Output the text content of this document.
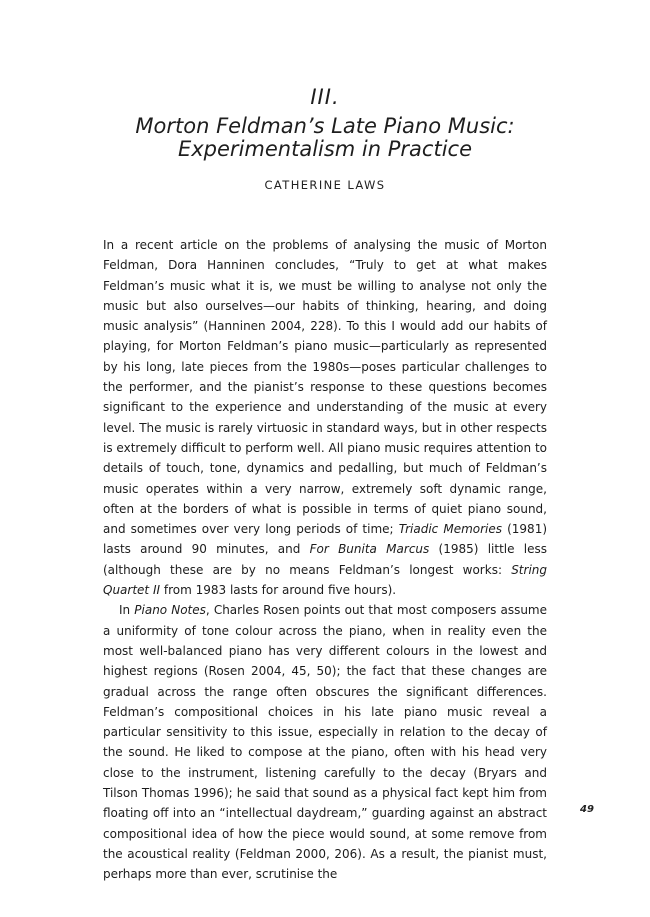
III.
Morton Feldman’s Late Piano Music:
Experimentalism in Practice
CATHERINE LAWS

In a recent article on the problems of analysing the music of Morton Feldman, Dora Hanninen concludes, “Truly to get at what makes Feldman’s music what it is, we must be willing to analyse not only the music but also ourselves—our habits of thinking, hearing, and doing music analysis” (Hanninen 2004, 228). To this I would add our habits of playing, for Morton Feldman’s piano music—particularly as represented by his long, late pieces from the 1980s—poses particular challenges to the performer, and the pianist’s response to these questions becomes significant to the experience and understanding of the music at every level. The music is rarely virtuosic in standard ways, but in other respects is extremely difficult to perform well. All piano music requires attention to details of touch, tone, dynamics and pedalling, but much of Feldman’s music operates within a very narrow, extremely soft dynamic range, often at the borders of what is possible in terms of quiet piano sound, and sometimes over very long periods of time; Triadic Memories (1981) lasts around 90 minutes, and For Bunita Marcus (1985) little less (although these are by no means Feldman’s longest works: String Quartet II from 1983 lasts for around five hours).

In Piano Notes, Charles Rosen points out that most composers assume a uniformity of tone colour across the piano, when in reality even the most well-balanced piano has very different colours in the lowest and highest regions (Rosen 2004, 45, 50); the fact that these changes are gradual across the range often obscures the significant differences. Feldman’s compositional choices in his late piano music reveal a particular sensitivity to this issue, especially in relation to the decay of the sound. He liked to compose at the piano, often with his head very close to the instrument, listening carefully to the decay (Bryars and Tilson Thomas 1996); he said that sound as a physical fact kept him from floating off into an “intellectual daydream,” guarding against an abstract compositional idea of how the piece would sound, at some remove from the acoustical reality (Feldman 2000, 206). As a result, the pianist must, perhaps more than ever, scrutinise the

49
